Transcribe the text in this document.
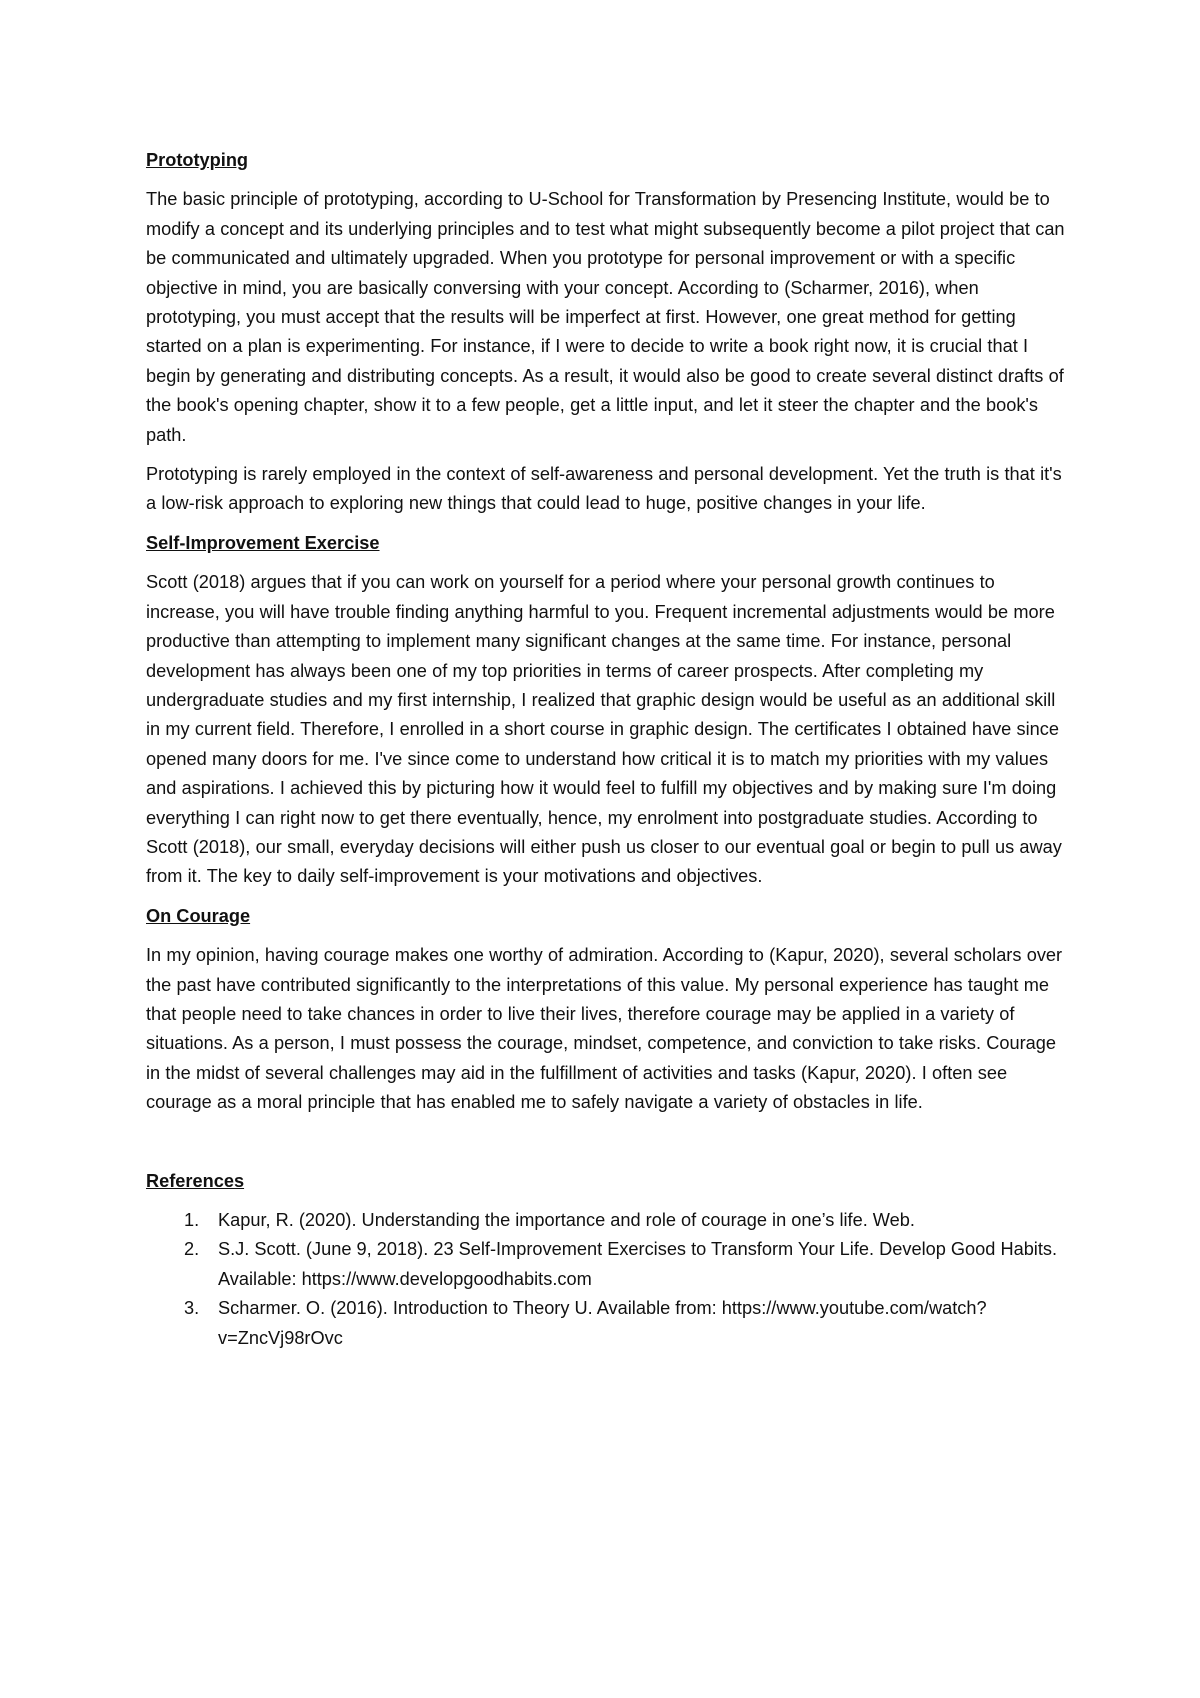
Prototyping

The basic principle of prototyping, according to U-School for Transformation by Presencing Institute, would be to modify a concept and its underlying principles and to test what might subsequently become a pilot project that can be communicated and ultimately upgraded. When you prototype for personal improvement or with a specific objective in mind, you are basically conversing with your concept. According to (Scharmer, 2016), when prototyping, you must accept that the results will be imperfect at first. However, one great method for getting started on a plan is experimenting. For instance, if I were to decide to write a book right now, it is crucial that I begin by generating and distributing concepts. As a result, it would also be good to create several distinct drafts of the book's opening chapter, show it to a few people, get a little input, and let it steer the chapter and the book's path.

Prototyping is rarely employed in the context of self-awareness and personal development. Yet the truth is that it's a low-risk approach to exploring new things that could lead to huge, positive changes in your life.

Self-Improvement Exercise

Scott (2018) argues that if you can work on yourself for a period where your personal growth continues to increase, you will have trouble finding anything harmful to you. Frequent incremental adjustments would be more productive than attempting to implement many significant changes at the same time. For instance, personal development has always been one of my top priorities in terms of career prospects. After completing my undergraduate studies and my first internship, I realized that graphic design would be useful as an additional skill in my current field. Therefore, I enrolled in a short course in graphic design. The certificates I obtained have since opened many doors for me. I've since come to understand how critical it is to match my priorities with my values and aspirations. I achieved this by picturing how it would feel to fulfill my objectives and by making sure I'm doing everything I can right now to get there eventually, hence, my enrolment into postgraduate studies. According to Scott (2018), our small, everyday decisions will either push us closer to our eventual goal or begin to pull us away from it. The key to daily self-improvement is your motivations and objectives.

On Courage

In my opinion, having courage makes one worthy of admiration. According to (Kapur, 2020), several scholars over the past have contributed significantly to the interpretations of this value. My personal experience has taught me that people need to take chances in order to live their lives, therefore courage may be applied in a variety of situations. As a person, I must possess the courage, mindset, competence, and conviction to take risks. Courage in the midst of several challenges may aid in the fulfillment of activities and tasks (Kapur, 2020). I often see courage as a moral principle that has enabled me to safely navigate a variety of obstacles in life.

References
1. Kapur, R. (2020). Understanding the importance and role of courage in one’s life. Web.
2. S.J. Scott. (June 9, 2018). 23 Self-Improvement Exercises to Transform Your Life. Develop Good Habits. Available: https://www.developgoodhabits.com
3. Scharmer. O. (2016). Introduction to Theory U. Available from: https://www.youtube.com/watch?v=ZncVj98rOvc
